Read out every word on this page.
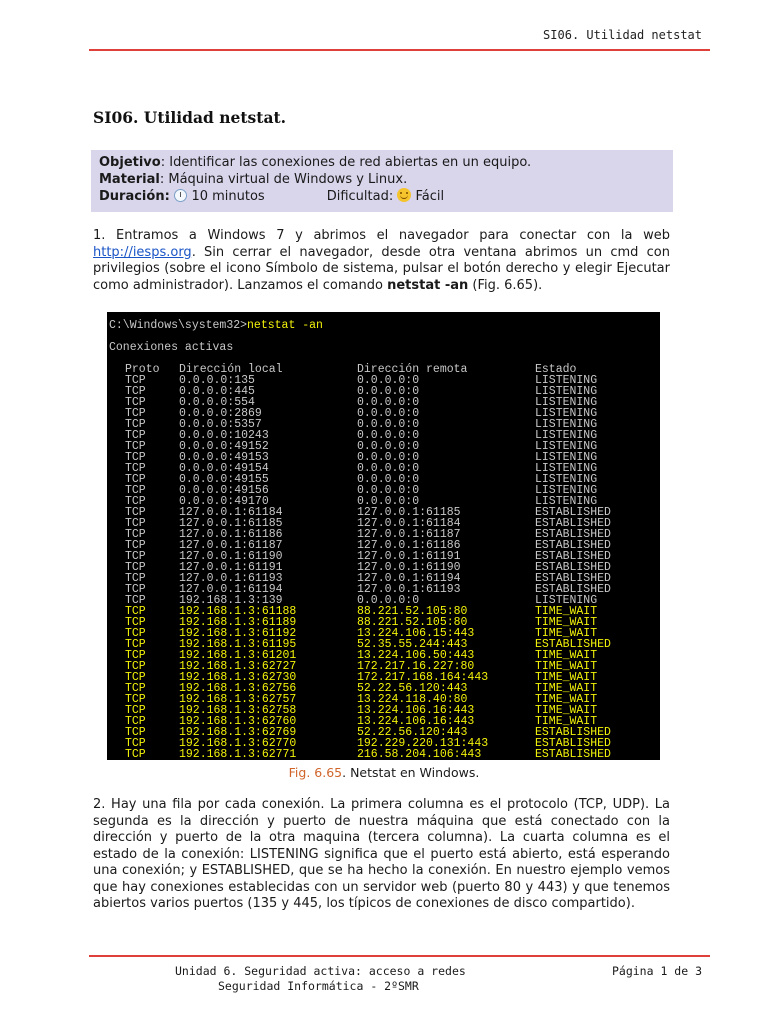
SI06. Utilidad netstat
SI06. Utilidad netstat.
Objetivo: Identificar las conexiones de red abiertas en un equipo.
Material: Máquina virtual de Windows y Linux.
Duración:  10 minutos	Dificultad:  Fácil
1. Entramos a Windows 7 y abrimos el navegador para conectar con la web http://iesps.org. Sin cerrar el navegador, desde otra ventana abrimos un cmd con privilegios (sobre el icono Símbolo de sistema, pulsar el botón derecho y elegir Ejecutar como administrador). Lanzamos el comando netstat -an (Fig. 6.65).
C:\Windows\system32>netstat -an
Conexiones activas
Proto Dirección local	Dirección remota	Estado
TCP	0.0.0.0:135	0.0.0.0:0	LISTENING
TCP	0.0.0.0:445	0.0.0.0:0	LISTENING
TCP	0.0.0.0:554	0.0.0.0:0	LISTENING
TCP	0.0.0.0:2869	0.0.0.0:0	LISTENING
TCP	0.0.0.0:5357	0.0.0.0:0	LISTENING
TCP	0.0.0.0:10243	0.0.0.0:0	LISTENING
TCP	0.0.0.0:49152	0.0.0.0:0	LISTENING
TCP	0.0.0.0:49153	0.0.0.0:0	LISTENING
TCP	0.0.0.0:49154	0.0.0.0:0	LISTENING
TCP	0.0.0.0:49155	0.0.0.0:0	LISTENING
TCP	0.0.0.0:49156	0.0.0.0:0	LISTENING
TCP	0.0.0.0:49170	0.0.0.0:0	LISTENING
TCP	127.0.0.1:61184	127.0.0.1:61185	ESTABLISHED
TCP	127.0.0.1:61185	127.0.0.1:61184	ESTABLISHED
TCP	127.0.0.1:61186	127.0.0.1:61187	ESTABLISHED
TCP	127.0.0.1:61187	127.0.0.1:61186	ESTABLISHED
TCP	127.0.0.1:61190	127.0.0.1:61191	ESTABLISHED
TCP	127.0.0.1:61191	127.0.0.1:61190	ESTABLISHED
TCP	127.0.0.1:61193	127.0.0.1:61194	ESTABLISHED
TCP	127.0.0.1:61194	127.0.0.1:61193	ESTABLISHED
TCP	192.168.1.3:139	0.0.0.0:0	LISTENING
TCP	192.168.1.3:61188	88.221.52.105:80	TIME_WAIT
TCP	192.168.1.3:61189	88.221.52.105:80	TIME_WAIT
TCP	192.168.1.3:61192	13.224.106.15:443	TIME_WAIT
TCP	192.168.1.3:61195	52.35.55.244:443	ESTABLISHED
TCP	192.168.1.3:61201	13.224.106.50:443	TIME_WAIT
TCP	192.168.1.3:62727	172.217.16.227:80	TIME_WAIT
TCP	192.168.1.3:62730	172.217.168.164:443	TIME_WAIT
TCP	192.168.1.3:62756	52.22.56.120:443	TIME_WAIT
TCP	192.168.1.3:62757	13.224.118.40:80	TIME_WAIT
TCP	192.168.1.3:62758	13.224.106.16:443	TIME_WAIT
TCP	192.168.1.3:62760	13.224.106.16:443	TIME_WAIT
TCP	192.168.1.3:62769	52.22.56.120:443	ESTABLISHED
TCP	192.168.1.3:62770	192.229.220.131:443	ESTABLISHED
TCP	192.168.1.3:62771	216.58.204.106:443	ESTABLISHED
Fig. 6.65. Netstat en Windows.
2. Hay una fila por cada conexión. La primera columna es el protocolo (TCP, UDP). La segunda es la dirección y puerto de nuestra máquina que está conectado con la dirección y puerto de la otra maquina (tercera columna). La cuarta columna es el estado de la conexión: LISTENING significa que el puerto está abierto, está esperando una conexión; y ESTABLISHED, que se ha hecho la conexión. En nuestro ejemplo vemos que hay conexiones establecidas con un servidor web (puerto 80 y 443) y que tenemos abiertos varios puertos (135 y 445, los típicos de conexiones de disco compartido).
Unidad 6. Seguridad activa: acceso a redes
Seguridad Informática - 2ºSMR
Página 1 de 3
